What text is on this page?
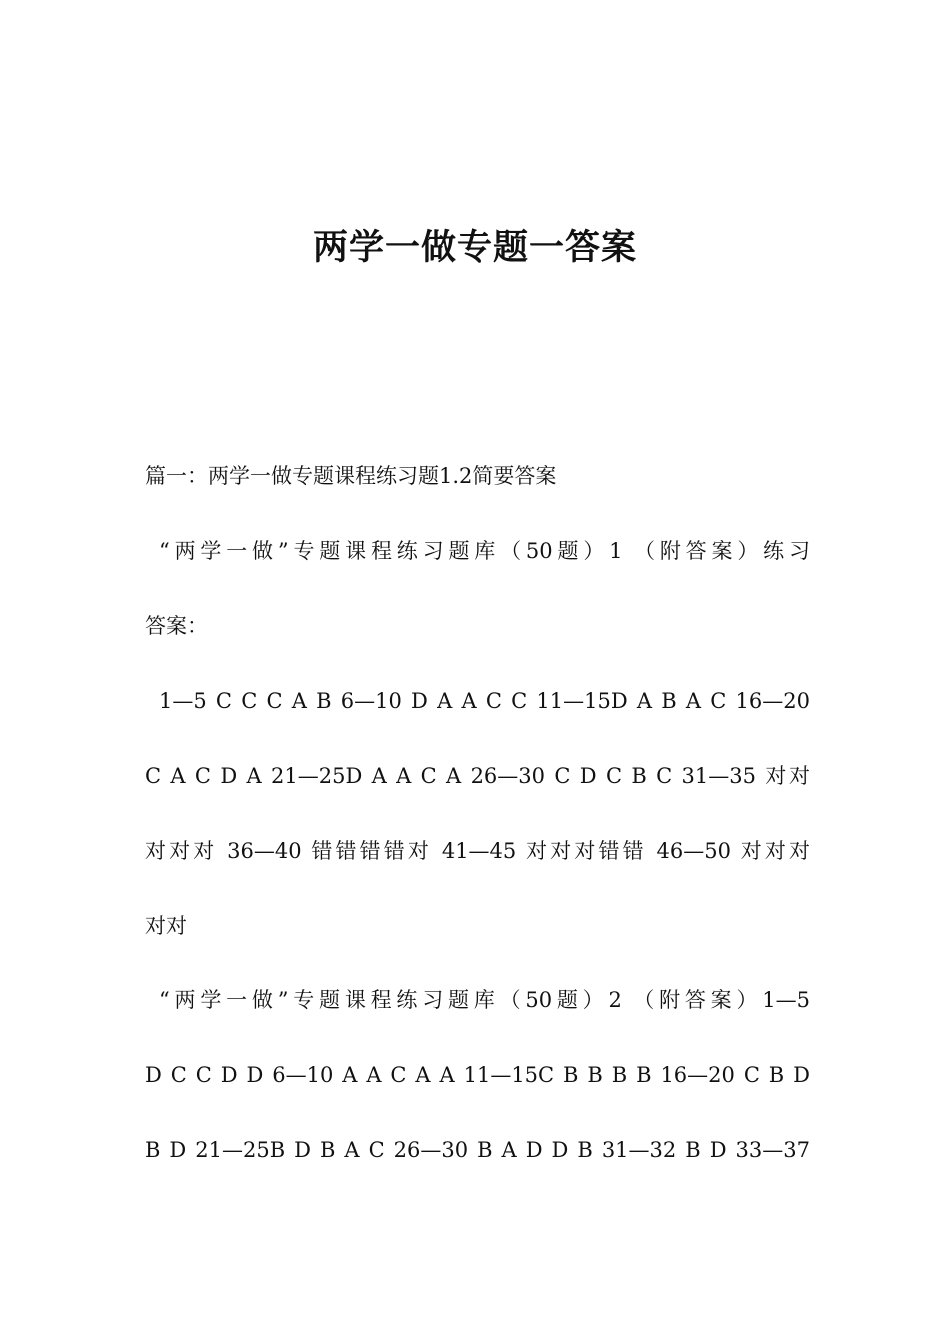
两学一做专题一答案
篇一：两学一做专题课程练习题1.2简要答案
“两学一做”专题课程练习题库（50题）1 （附答案）练习
答案：
1—5 C C C A B 6—10 D A A C C 11—15D A B A C 16—20
C A C D A 21—25D A A C A 26—30 C D C B C 31—35 对对
对对对 36—40 错错错错对 41—45 对对对错错 46—50 对对对
对对
“两学一做”专题课程练习题库（50题）2 （附答案）1—5
D C C D D 6—10 A A C A A 11—15C B B B B 16—20 C B D
B D 21—25B D B A C 26—30 B A D D B 31—32 B D 33—37
